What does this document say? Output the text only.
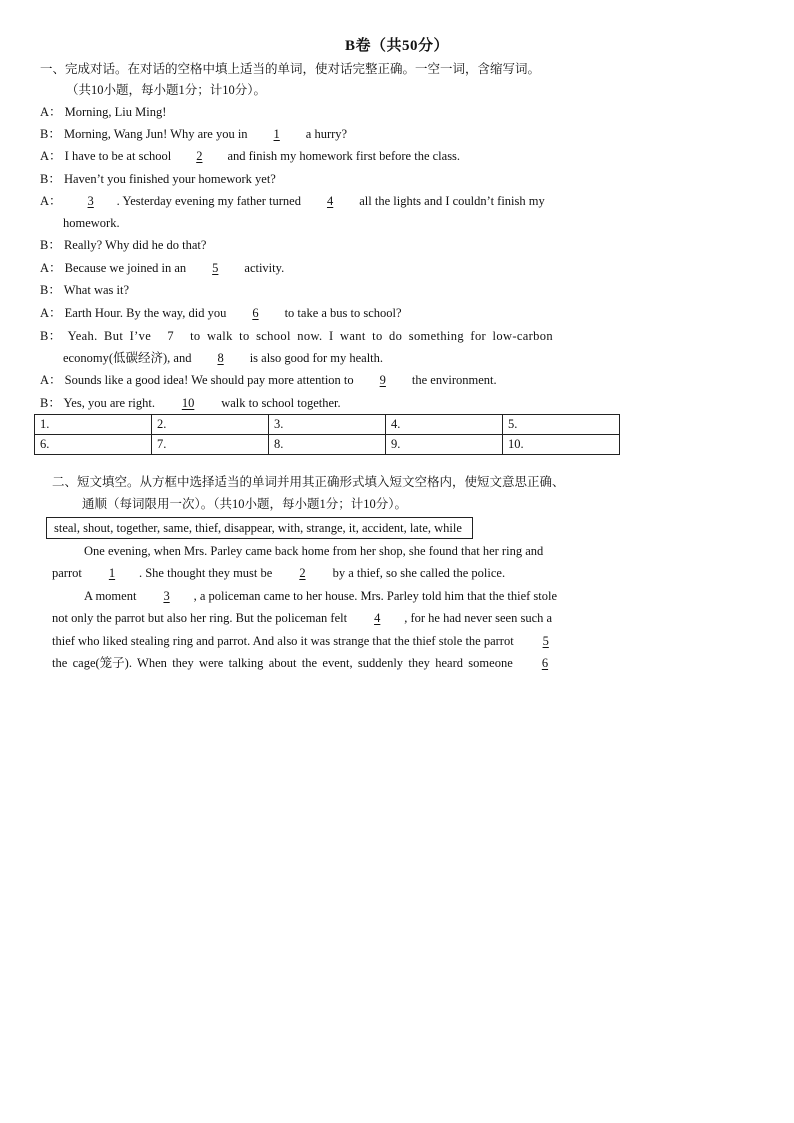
B卷（共50分）
一、完成对话。在对话的空格中填上适当的单词，使对话完整正确。一空一词，含缩写词。
（共10小题，每小题1分；计10分）。
A： Morning, Liu Ming!
B： Morning, Wang Jun! Why are you in 1 a hurry?
A： I have to be at school 2 and finish my homework first before the class.
B： Haven’t you finished your homework yet?
A： 3 . Yesterday evening my father turned 4 all the lights and I couldn’t finish my
homework.
B： Really? Why did he do that?
A： Because we joined in an 5 activity.
B： What was it?
A： Earth Hour. By the way, did you 6 to take a bus to school?
B： Yeah. But I’ve 7 to walk to school now. I want to do something for low-carbon
economy(低碳经济), and 8 is also good for my health.
A： Sounds like a good idea! We should pay more attention to 9 the environment.
B： Yes, you are right. 10 walk to school together.
1.	2.	3.	4.	5.
6.	7.	8.	9.	10.
二、短文填空。从方框中选择适当的单词并用其正确形式填入短文空格内，使短文意思正确、
通顺（每词限用一次）。（共10小题，每小题1分；计10分）。
steal, shout, together, same, thief, disappear, with, strange, it, accident, late, while
One evening, when Mrs. Parley came back home from her shop, she found that her ring and
parrot 1 . She thought they must be 2 by a thief, so she called the police.
A moment 3 , a policeman came to her house. Mrs. Parley told him that the thief stole
not only the parrot but also her ring. But the policeman felt 4 , for he had never seen such a
thief who liked stealing ring and parrot. And also it was strange that the thief stole the parrot 5
the cage(笼子). When they were talking about the event, suddenly they heard someone 6
